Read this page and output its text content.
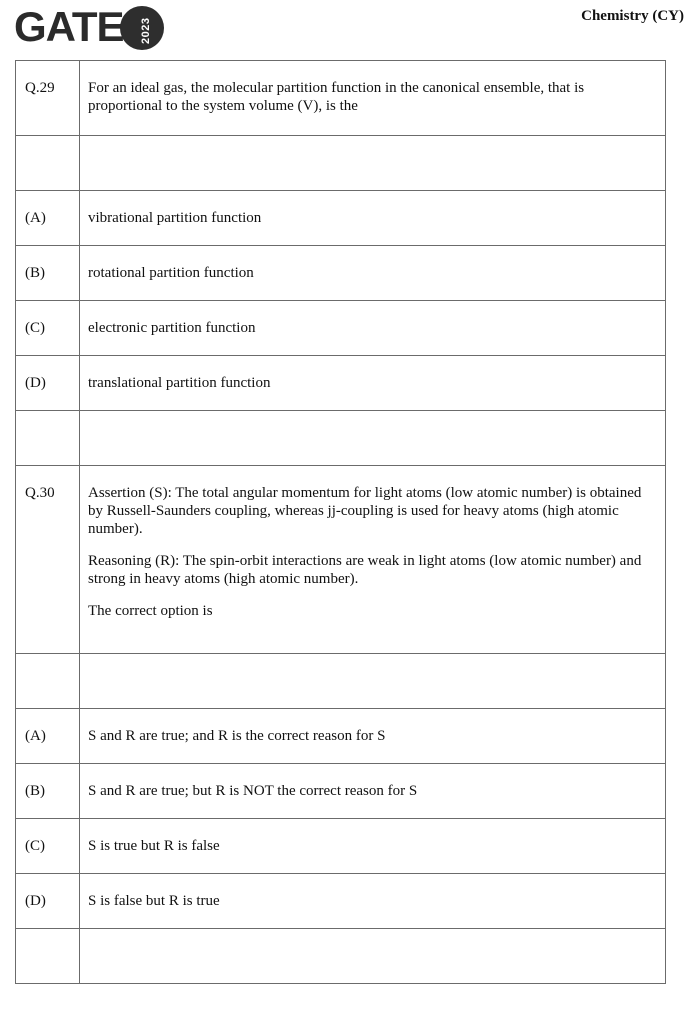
GATE 2023
Chemistry (CY)
Q.29	For an ideal gas, the molecular partition function in the canonical ensemble, that is proportional to the system volume (V), is the

(A)	vibrational partition function
(B)	rotational partition function
(C)	electronic partition function
(D)	translational partition function

Q.30	Assertion (S): The total angular momentum for light atoms (low atomic number) is obtained by Russell-Saunders coupling, whereas jj-coupling is used for heavy atoms (high atomic number).

Reasoning (R): The spin-orbit interactions are weak in light atoms (low atomic number) and strong in heavy atoms (high atomic number).

The correct option is

(A)	S and R are true; and R is the correct reason for S
(B)	S and R are true; but R is NOT the correct reason for S
(C)	S is true but R is false
(D)	S is false but R is true
